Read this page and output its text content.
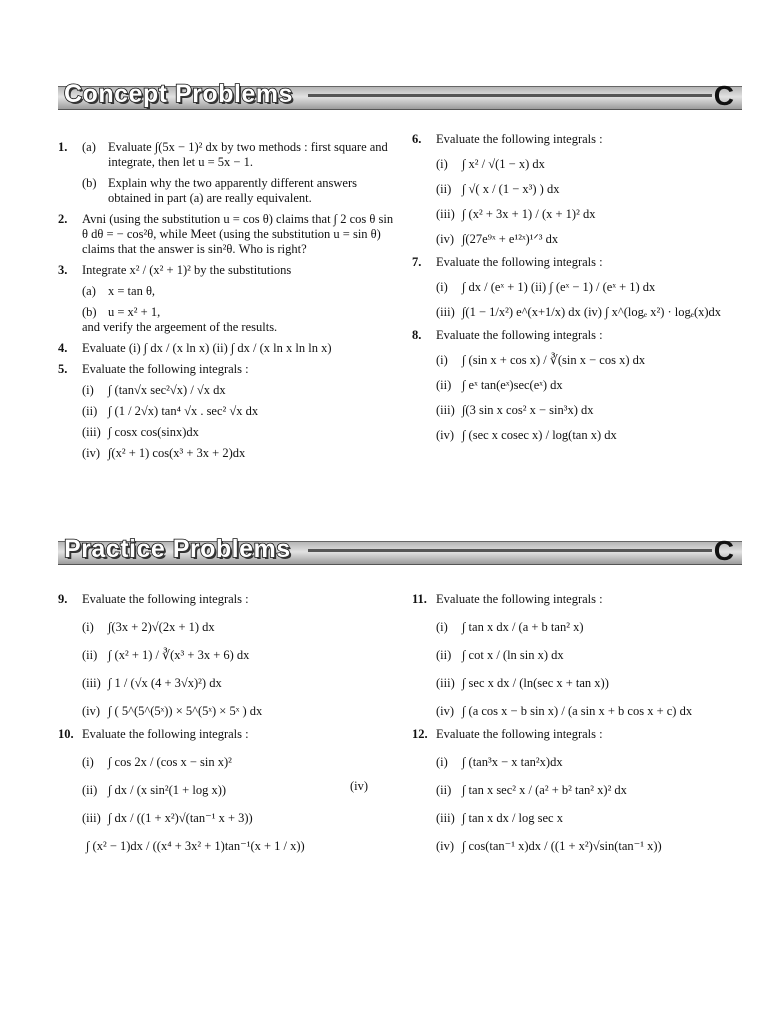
Concept Problems	C
1. (a) Evaluate ∫(5x − 1)² dx by two methods : first square and integrate, then let u = 5x − 1.
(b) Explain why the two apparently different answers obtained in part (a) are really equivalent.
2. Avni (using the substitution u = cos θ) claims that ∫ 2 cos θ sin θ dθ = − cos²θ, while Meet (using the substitution u = sin θ) claims that the answer is sin²θ. Who is right?
3. Integrate x² / (x² + 1)² by the substitutions
(a) x = tan θ,
(b) u = x² + 1,
and verify the argeement of the results.
4. Evaluate (i) ∫ dx / (x ln x) (ii) ∫ dx / (x ln x ln ln x)
5. Evaluate the following integrals :
(i) ∫ (tan√x sec²√x) / √x dx
(ii) ∫ (1 / 2√x) tan⁴ √x . sec² √x dx
(iii) ∫ cosx cos(sinx)dx
(iv) ∫(x² + 1) cos(x³ + 3x + 2)dx
6. Evaluate the following integrals :
(i) ∫ x² / √(1 − x) dx
(ii) ∫ √( x / (1 − x³) ) dx
(iii) ∫ (x² + 3x + 1) / (x + 1)² dx
(iv) ∫(27e⁹ˣ + e¹²ˣ)¹ᐟ³ dx
7. Evaluate the following integrals :
(i) ∫ dx / (eˣ + 1) (ii) ∫ (eˣ − 1) / (eˣ + 1) dx
(iii) ∫(1 − 1/x²) e^(x+1/x) dx (iv) ∫ x^(logₑ x²) · logₑ(x)dx
8. Evaluate the following integrals :
(i) ∫ (sin x + cos x) / ∛(sin x − cos x) dx
(ii) ∫ eˣ tan(eˣ)sec(eˣ) dx
(iii) ∫(3 sin x cos² x − sin³x) dx
(iv) ∫ (sec x cosec x) / log(tan x) dx
Practice Problems	C
9. Evaluate the following integrals :
(i) ∫(3x + 2)√(2x + 1) dx
(ii) ∫ (x² + 1) / ∛(x³ + 3x + 6) dx
(iii) ∫ 1 / (√x (4 + 3√x)²) dx
(iv) ∫ ( 5^(5^(5ˣ)) × 5^(5ˣ) × 5ˣ ) dx
10. Evaluate the following integrals :
(i) ∫ cos 2x / (cos x − sin x)²
(ii) ∫ dx / (x sin²(1 + log x))
(iii) ∫ dx / ((1 + x²)√(tan⁻¹ x + 3))
∫ (x² − 1)dx / ((x⁴ + 3x² + 1)tan⁻¹(x + 1 / x))
(iv)
11. Evaluate the following integrals :
(i) ∫ tan x dx / (a + b tan² x)
(ii) ∫ cot x / (ln sin x) dx
(iii) ∫ sec x dx / (ln(sec x + tan x))
(iv) ∫ (a cos x − b sin x) / (a sin x + b cos x + c) dx
12. Evaluate the following integrals :
(i) ∫ (tan³x − x tan²x)dx
(ii) ∫ tan x sec² x / (a² + b² tan² x)² dx
(iii) ∫ tan x dx / log sec x
(iv) ∫ cos(tan⁻¹ x)dx / ((1 + x²)√sin(tan⁻¹ x))
